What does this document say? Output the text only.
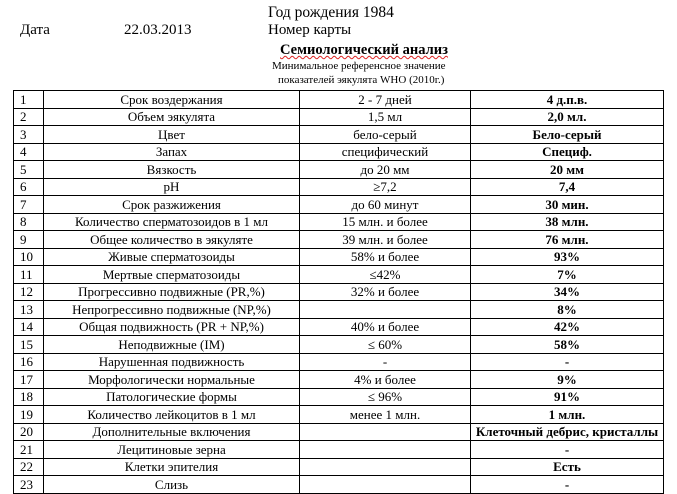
Год рождения 1984
Дата	22.03.2013	Номер карты
Семиологический анализ
Минимальное референсное значение
показателей эякулята WHO (2010г.)
1	Срок воздержания	2 - 7 дней	4 д.п.в.
2	Объем эякулята	1,5 мл	2,0 мл.
3	Цвет	бело-серый	Бело-серый
4	Запах	специфический	Специф.
5	Вязкость	до 20 мм	20 мм
6	pH	≥7,2	7,4
7	Срок разжижения	до 60 минут	30 мин.
8	Количество сперматозоидов в 1 мл	15 млн. и более	38 млн.
9	Общее количество в эякуляте	39 млн. и более	76 млн.
10	Живые сперматозоиды	58% и более	93%
11	Мертвые сперматозоиды	≤42%	7%
12	Прогрессивно подвижные (PR,%)	32% и более	34%
13	Непрогрессивно подвижные (NP,%)		8%
14	Общая подвижность (PR + NP,%)	40% и более	42%
15	Неподвижные (IM)	≤ 60%	58%
16	Нарушенная подвижность	-	-
17	Морфологически нормальные	4% и более	9%
18	Патологические формы	≤ 96%	91%
19	Количество лейкоцитов в 1 мл	менее 1 млн.	1 млн.
20	Дополнительные включения		Клеточный дебрис, кристаллы
21	Лецитиновые зерна		-
22	Клетки эпителия		Есть
23	Слизь		-
